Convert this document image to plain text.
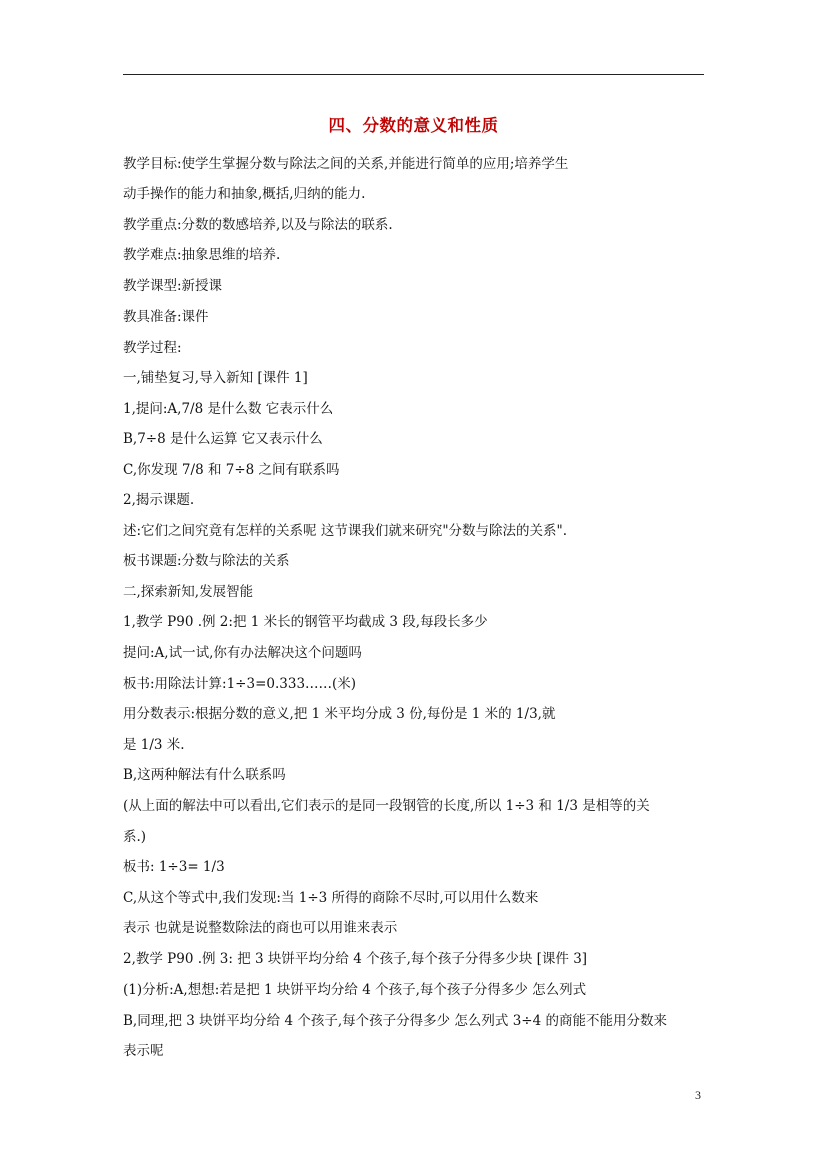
四、分数的意义和性质
教学目标:使学生掌握分数与除法之间的关系,并能进行简单的应用;培养学生
动手操作的能力和抽象,概括,归纳的能力.
教学重点:分数的数感培养,以及与除法的联系.
教学难点:抽象思维的培养.
教学课型:新授课
教具准备:课件
教学过程:
一,铺垫复习,导入新知 [课件 1]
1,提问:A,7/8 是什么数 它表示什么
B,7÷8 是什么运算 它又表示什么
C,你发现 7/8 和 7÷8 之间有联系吗
2,揭示课题.
述:它们之间究竟有怎样的关系呢 这节课我们就来研究"分数与除法的关系".
板书课题:分数与除法的关系
二,探索新知,发展智能
1,教学 P90 .例 2:把 1 米长的钢管平均截成 3 段,每段长多少
提问:A,试一试,你有办法解决这个问题吗
板书:用除法计算:1÷3=0.333……(米)
用分数表示:根据分数的意义,把 1 米平均分成 3 份,每份是 1 米的 1/3,就
是 1/3 米.
B,这两种解法有什么联系吗
(从上面的解法中可以看出,它们表示的是同一段钢管的长度,所以 1÷3 和 1/3 是相等的关
系.)
板书: 1÷3= 1/3
C,从这个等式中,我们发现:当 1÷3 所得的商除不尽时,可以用什么数来
表示 也就是说整数除法的商也可以用谁来表示
2,教学 P90 .例 3: 把 3 块饼平均分给 4 个孩子,每个孩子分得多少块 [课件 3]
(1)分析:A,想想:若是把 1 块饼平均分给 4 个孩子,每个孩子分得多少 怎么列式
B,同理,把 3 块饼平均分给 4 个孩子,每个孩子分得多少 怎么列式 3÷4 的商能不能用分数来
表示呢
3
